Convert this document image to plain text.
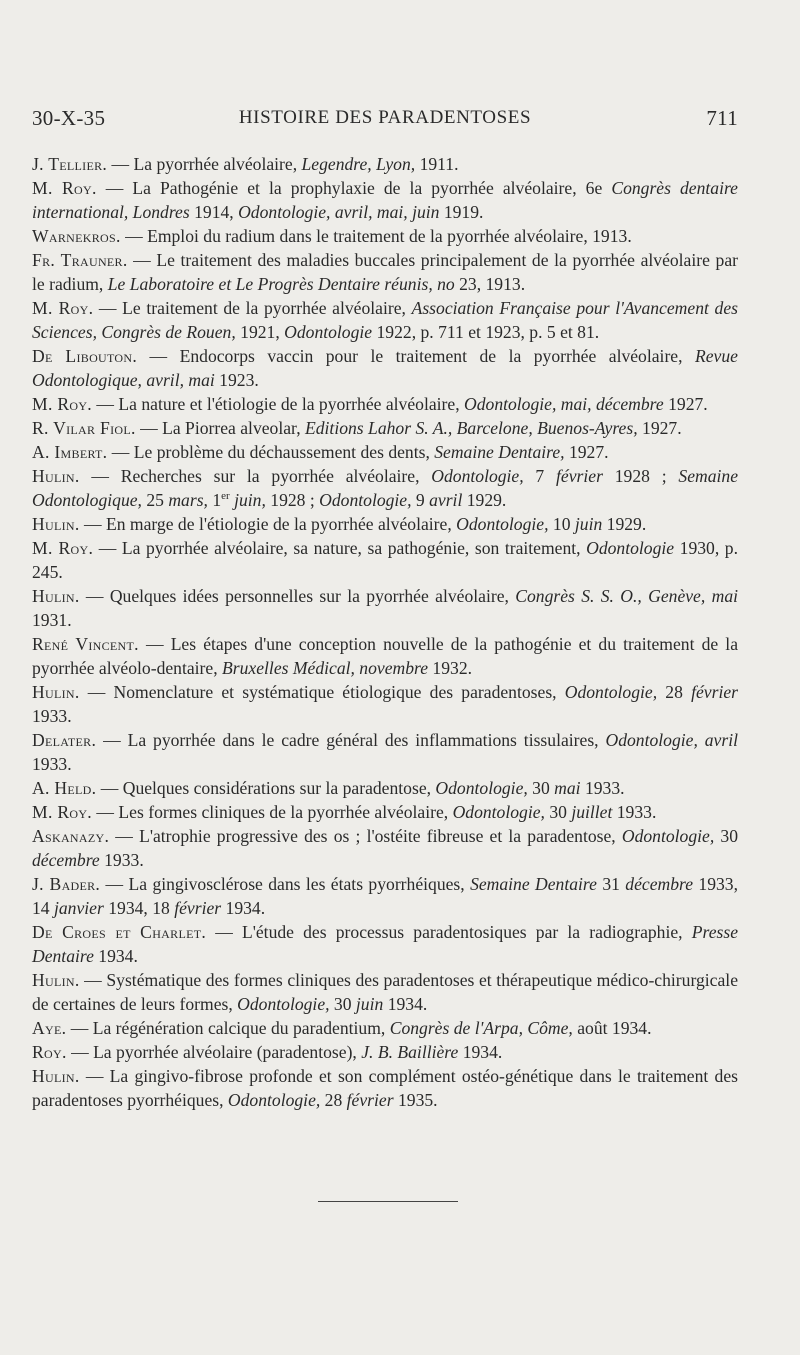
30-X-35	HISTOIRE DES PARADENTOSES	711
J. Tellier. — La pyorrhée alvéolaire, Legendre, Lyon, 1911.
M. Roy. — La Pathogénie et la prophylaxie de la pyorrhée alvéolaire, 6e Congrès dentaire international, Londres 1914, Odontologie, avril, mai, juin 1919.
Warnekros. — Emploi du radium dans le traitement de la pyorrhée alvéolaire, 1913.
Fr. Trauner. — Le traitement des maladies buccales principalement de la pyorrhée alvéolaire par le radium, Le Laboratoire et Le Progrès Dentaire réunis, no 23, 1913.
M. Roy. — Le traitement de la pyorrhée alvéolaire, Association Française pour l'Avancement des Sciences, Congrès de Rouen, 1921, Odontologie 1922, p. 711 et 1923, p. 5 et 81.
De Libouton. — Endocorps vaccin pour le traitement de la pyorrhée alvéolaire, Revue Odontologique, avril, mai 1923.
M. Roy. — La nature et l'étiologie de la pyorrhée alvéolaire, Odontologie, mai, décembre 1927.
R. Vilar Fiol. — La Piorrea alveolar, Editions Lahor S. A., Barcelone, Buenos-Ayres, 1927.
A. Imbert. — Le problème du déchaussement des dents, Semaine Dentaire, 1927.
Hulin. — Recherches sur la pyorrhée alvéolaire, Odontologie, 7 février 1928 ; Semaine Odontologique, 25 mars, 1er juin, 1928 ; Odontologie, 9 avril 1929.
Hulin. — En marge de l'étiologie de la pyorrhée alvéolaire, Odontologie, 10 juin 1929.
M. Roy. — La pyorrhée alvéolaire, sa nature, sa pathogénie, son traitement, Odontologie 1930, p. 245.
Hulin. — Quelques idées personnelles sur la pyorrhée alvéolaire, Congrès S. S. O., Genève, mai 1931.
René Vincent. — Les étapes d'une conception nouvelle de la pathogénie et du traitement de la pyorrhée alvéolo-dentaire, Bruxelles Médical, novembre 1932.
Hulin. — Nomenclature et systématique étiologique des paradentoses, Odontologie, 28 février 1933.
Delater. — La pyorrhée dans le cadre général des inflammations tissulaires, Odontologie, avril 1933.
A. Held. — Quelques considérations sur la paradentose, Odontologie, 30 mai 1933.
M. Roy. — Les formes cliniques de la pyorrhée alvéolaire, Odontologie, 30 juillet 1933.
Askanazy. — L'atrophie progressive des os ; l'ostéite fibreuse et la paradentose, Odontologie, 30 décembre 1933.
J. Bader. — La gingivosclérose dans les états pyorrhéiques, Semaine Dentaire 31 décembre 1933, 14 janvier 1934, 18 février 1934.
De Croes et Charlet. — L'étude des processus paradentosiques par la radiographie, Presse Dentaire 1934.
Hulin. — Systématique des formes cliniques des paradentoses et thérapeutique médico-chirurgicale de certaines de leurs formes, Odontologie, 30 juin 1934.
Aye. — La régénération calcique du paradentium, Congrès de l'Arpa, Côme, août 1934.
Roy. — La pyorrhée alvéolaire (paradentose), J. B. Baillière 1934.
Hulin. — La gingivo-fibrose profonde et son complément ostéo-génétique dans le traitement des paradentoses pyorrhéiques, Odontologie, 28 février 1935.
